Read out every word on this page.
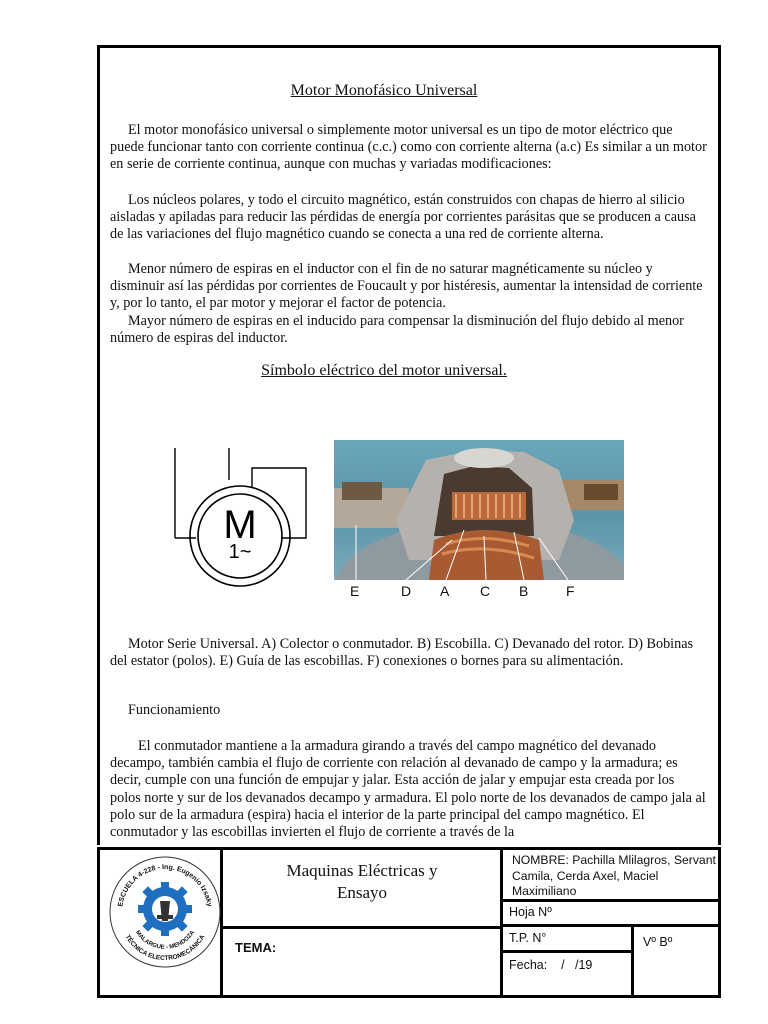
Motor Monofásico Universal

El motor monofásico universal o simplemente motor universal es un tipo de motor eléctrico que puede funcionar tanto con corriente continua (c.c.) como con corriente alterna (a.c) Es similar a un motor en serie de corriente continua, aunque con muchas y variadas modificaciones:

Los núcleos polares, y todo el circuito magnético, están construidos con chapas de hierro al silicio aisladas y apiladas para reducir las pérdidas de energía por corrientes parásitas que se producen a causa de las variaciones del flujo magnético cuando se conecta a una red de corriente alterna.

Menor número de espiras en el inductor con el fin de no saturar magnéticamente su núcleo y disminuir así las pérdidas por corrientes de Foucault y por histéresis, aumentar la intensidad de corriente y, por lo tanto, el par motor y mejorar el factor de potencia.

Mayor número de espiras en el inducido para compensar la disminución del flujo debido al menor número de espiras del inductor.

Símbolo eléctrico del motor universal.
M
1~
E	D A C B	F

Motor Serie Universal. A) Colector o conmutador. B) Escobilla. C) Devanado del rotor. D) Bobinas del estator (polos). E) Guía de las escobillas. F) conexiones o bornes para su alimentación.

Funcionamiento

El conmutador mantiene a la armadura girando a través del campo magnético del devanado decampo, también cambia el flujo de corriente con relación al devanado de campo y la armadura; es decir, cumple con una función de empujar y jalar. Esta acción de jalar y empujar esta creada por los polos norte y sur de los devanados decampo y armadura. El polo norte de los devanados de campo jala al polo sur de la armadura (espira) hacia el interior de la parte principal del campo magnético. El conmutador y las escobillas invierten el flujo de corriente a través de la

ESCUELA 4-228 - Ing. Eugenio Izsaky
TÉCNICA ELECTROMECÁNICA
MALARGUE - MENDOZA
Maquinas Eléctricas y
Ensayo
TEMA:
NOMBRE: Pachilla Mlilagros, Servant Camila, Cerda Axel, Maciel Maximiliano
Hoja Nº
T.P. N°	Vº Bº
Fecha:    /   /19
